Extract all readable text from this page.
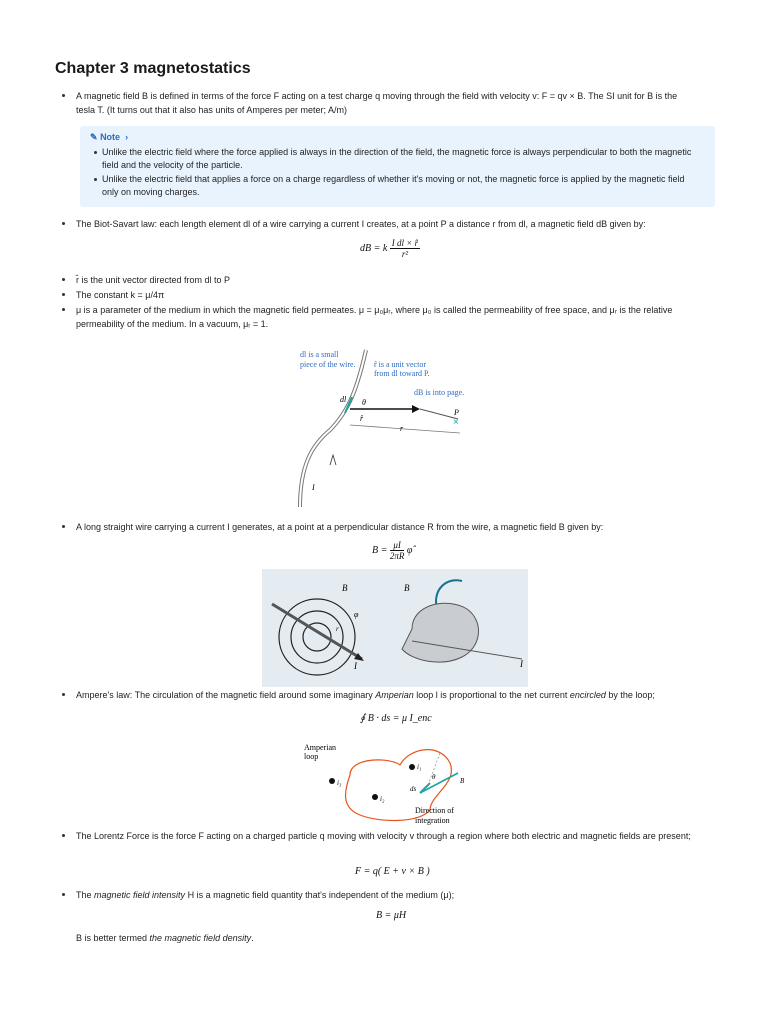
Chapter 3 magnetostatics
A magnetic field B is defined in terms of the force F acting on a test charge q moving through the field with velocity v: F = qv × B. The SI unit for B is the
tesla T. (It turns out that it also has units of Amperes per meter; A/m)
✎ Note  ›
Unlike the electric field where the force applied is always in the direction of the field, the magnetic force is always perpendicular to both the magnetic field and the velocity of the particle.
Unlike the electric field that applies a force on a charge regardless of whether it's moving or not, the magnetic force is applied by the magnetic field only on moving charges.
The Biot-Savart law: each length element dl of a wire carrying a current I creates, at a point P a distance r from dl, a magnetic field dB given by:
dB = k $\frac{\text{I dl × r̂}}{\text{r²}}$
r̂ is the unit vector directed from dl to P
The constant k = μ/4π
μ is a parameter of the medium in which the magnetic field permeates. μ = μ₀μᵣ, where μ₀ is called the permeability of free space, and μᵣ is the relative permeability of the medium. In a vacuum, μᵣ = 1.
×
dl is a small
piece of the wire. r̂ is a unit vector
from dl toward P.
dB is into page.
P
r
I
θ
dl
r̂
A long straight wire carrying a current I generates, at a point at a perpendicular distance R from the wire, a magnetic field B given by:
$B = \frac{\mu I}{2\pi R}$ φ̂
B
I
φ
r
B
I
Ampere's law: The circulation of the magnetic field around some imaginary Amperian loop l is proportional to the net current encircled by the loop;
∮ B · ds = μ I_enc
Amperian
loop
i₁
i₂
i₃
ds
θ	B
Direction of
integration
The Lorentz Force is the force F acting on a charged particle q moving with velocity v through a region where both electric and magnetic fields are present;
F = q( E + v × B )
The magnetic field intensity H is a magnetic field quantity that's independent of the medium (μ);
B = μH
B is better termed the magnetic field density.
